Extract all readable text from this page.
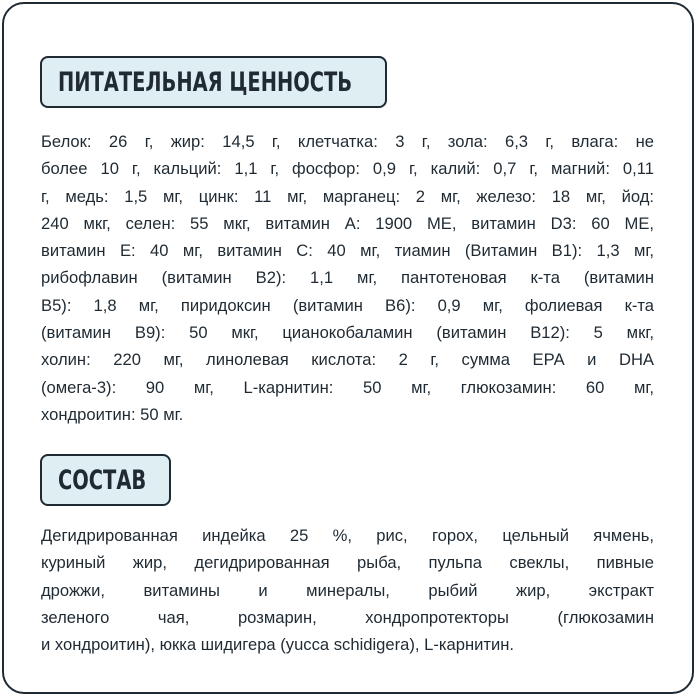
ПИТАТЕЛЬНАЯ ЦЕННОСТЬ

Белок: 26 г, жир: 14,5 г, клетчатка: 3 г, зола: 6,3 г, влага: не
более 10 г, кальций: 1,1 г, фосфор: 0,9 г, калий: 0,7 г, магний: 0,11
г, медь: 1,5 мг, цинк: 11 мг, марганец: 2 мг, железо: 18 мг, йод:
240 мкг, селен: 55 мкг, витамин А: 1900 МЕ, витамин D3: 60 МЕ,
витамин Е: 40 мг, витамин С: 40 мг, тиамин (Витамин В1): 1,3 мг,
рибофлавин (витамин В2): 1,1 мг, пантотеновая к-та (витамин
В5): 1,8 мг, пиридоксин (витамин В6): 0,9 мг, фолиевая к-та
(витамин В9): 50 мкг, цианокобаламин (витамин В12): 5 мкг,
холин: 220 мг, линолевая кислота: 2 г, сумма ЕРА и DHA
(омега-3): 90 мг, L-карнитин: 50 мг, глюкозамин: 60 мг,
хондроитин: 50 мг.

СОСТАВ

Дегидрированная индейка 25 %, рис, горох, цельный ячмень,
куриный жир, дегидрированная рыба, пульпа свеклы, пивные
дрожжи, витамины и минералы, рыбий жир, экстракт
зеленого чая, розмарин, хондропротекторы (глюкозамин
и хондроитин), юкка шидигера (yucca schidigera), L-карнитин.
